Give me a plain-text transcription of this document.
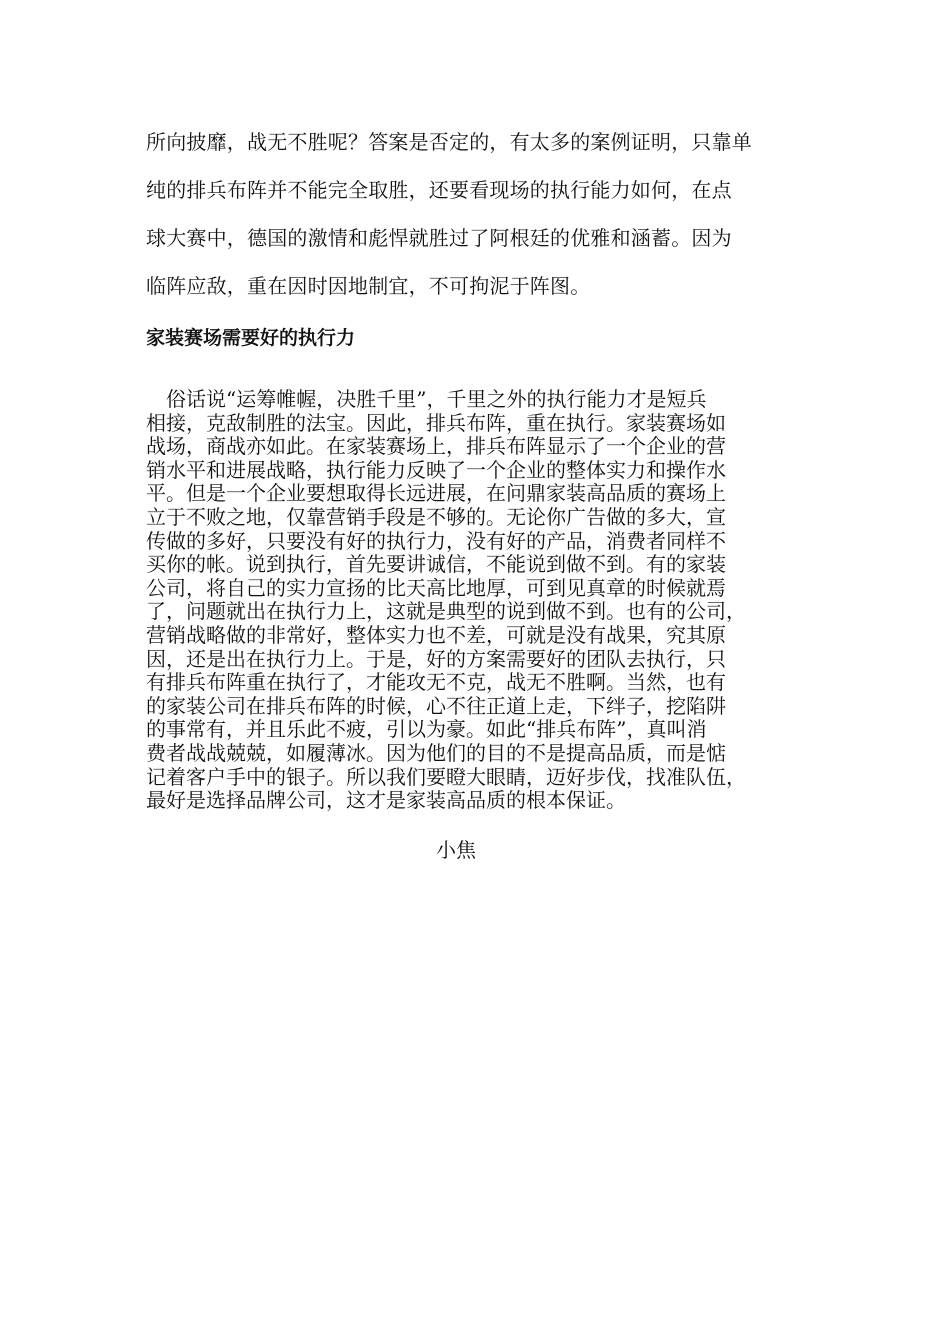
所向披靡，战无不胜呢？答案是否定的，有太多的案例证明，只靠单
纯的排兵布阵并不能完全取胜，还要看现场的执行能力如何，在点
球大赛中，德国的激情和彪悍就胜过了阿根廷的优雅和涵蓄。因为
临阵应敌，重在因时因地制宜，不可拘泥于阵图。
家装赛场需要好的执行力
　俗话说“运筹帷幄，决胜千里”，千里之外的执行能力才是短兵
相接，克敌制胜的法宝。因此，排兵布阵，重在执行。家装赛场如
战场，商战亦如此。在家装赛场上，排兵布阵显示了一个企业的营
销水平和进展战略，执行能力反映了一个企业的整体实力和操作水
平。但是一个企业要想取得长远进展，在问鼎家装高品质的赛场上
立于不败之地，仅靠营销手段是不够的。无论你广告做的多大，宣
传做的多好，只要没有好的执行力，没有好的产品，消费者同样不
买你的帐。说到执行，首先要讲诚信，不能说到做不到。有的家装
公司，将自己的实力宣扬的比天高比地厚，可到见真章的时候就焉
了，问题就出在执行力上，这就是典型的说到做不到。也有的公司，
营销战略做的非常好，整体实力也不差，可就是没有战果，究其原
因，还是出在执行力上。于是，好的方案需要好的团队去执行，只
有排兵布阵重在执行了，才能攻无不克，战无不胜啊。当然，也有
的家装公司在排兵布阵的时候，心不往正道上走，下绊子，挖陷阱
的事常有，并且乐此不疲，引以为豪。如此“排兵布阵”，真叫消
费者战战兢兢，如履薄冰。因为他们的目的不是提高品质，而是惦
记着客户手中的银子。所以我们要瞪大眼睛，迈好步伐，找准队伍，
最好是选择品牌公司，这才是家装高品质的根本保证。
小焦
